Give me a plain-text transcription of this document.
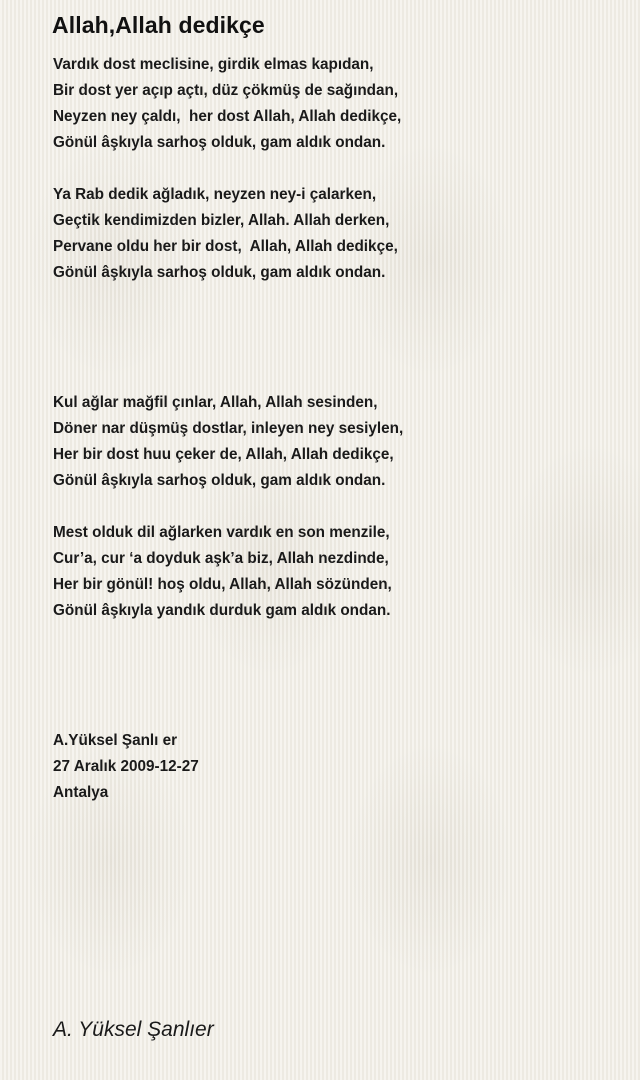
Allah,Allah dedikçe
Vardık dost meclisine, girdik elmas kapıdan,
Bir dost yer açıp açtı, düz çökmüş de sağından,
Neyzen ney çaldı,  her dost Allah, Allah dedikçe,
Gönül âşkıyla sarhoş olduk, gam aldık ondan.
Ya Rab dedik ağladık, neyzen ney-i çalarken,
Geçtik kendimizden bizler, Allah. Allah derken,
Pervane oldu her bir dost,  Allah, Allah dedikçe,
Gönül âşkıyla sarhoş olduk, gam aldık ondan.
Kul ağlar mağfil çınlar, Allah, Allah sesinden,
Döner nar düşmüş dostlar, inleyen ney sesiylen,
Her bir dost huu çeker de, Allah, Allah dedikçe,
Gönül âşkıyla sarhoş olduk, gam aldık ondan.
Mest olduk dil ağlarken vardık en son menzile,
Cur’a, cur ‘a doyduk aşk’a biz, Allah nezdinde,
Her bir gönül! hoş oldu, Allah, Allah sözünden,
Gönül âşkıyla yandık durduk gam aldık ondan.
A.Yüksel Şanlı er
27 Aralık 2009-12-27
Antalya
A. Yüksel Şanlıer
